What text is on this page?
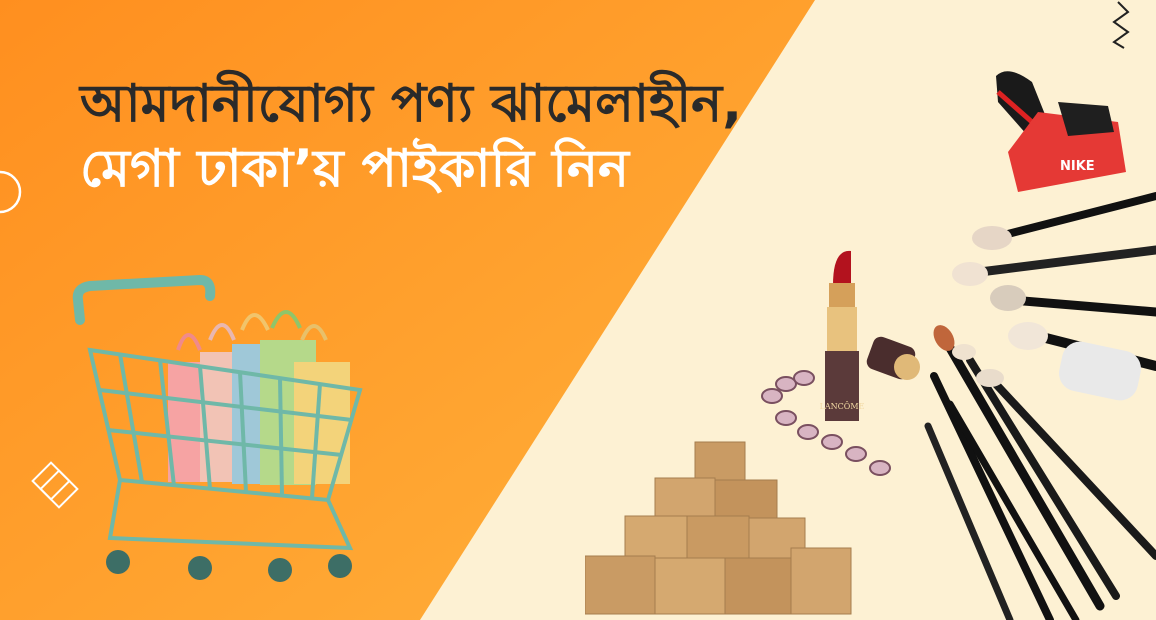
আমদানীযোগ্য পণ্য ঝামেলাহীন,
মেগা ঢাকা’য় পাইকারি নিন
LANCÔME
NIKE
